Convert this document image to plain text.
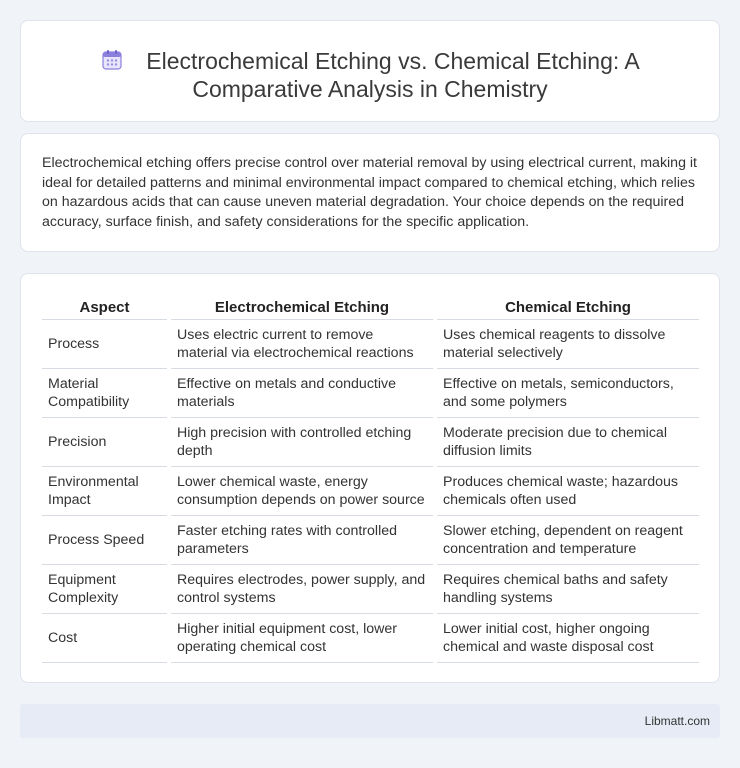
Electrochemical Etching vs. Chemical Etching: A
Comparative Analysis in Chemistry

Electrochemical etching offers precise control over material removal by using electrical current, making it ideal for detailed patterns and minimal environmental impact compared to chemical etching, which relies on hazardous acids that can cause uneven material degradation. Your choice depends on the required accuracy, surface finish, and safety considerations for the specific application.

Aspect	Electrochemical Etching	Chemical Etching
Process	Uses electric current to remove material via electrochemical reactions	Uses chemical reagents to dissolve material selectively
Material Compatibility	Effective on metals and conductive materials	Effective on metals, semiconductors, and some polymers
Precision	High precision with controlled etching depth	Moderate precision due to chemical diffusion limits
Environmental Impact	Lower chemical waste, energy consumption depends on power source	Produces chemical waste; hazardous chemicals often used
Process Speed	Faster etching rates with controlled parameters	Slower etching, dependent on reagent concentration and temperature
Equipment Complexity	Requires electrodes, power supply, and control systems	Requires chemical baths and safety handling systems
Cost	Higher initial equipment cost, lower operating chemical cost	Lower initial cost, higher ongoing chemical and waste disposal cost
Libmatt.com
